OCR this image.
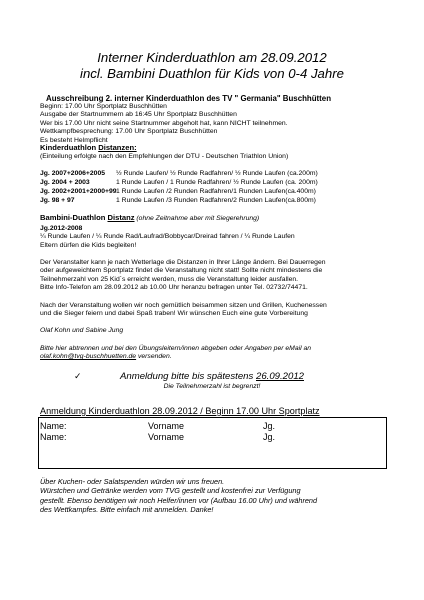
Interner Kinderduathlon am 28.09.2012
incl. Bambini Duathlon für Kids von 0-4 Jahre
Ausschreibung 2. interner Kinderduathlon des TV " Germania" Buschhütten
Beginn: 17.00 Uhr Sportplatz Buschhütten
Ausgabe der Startnummern ab 16:45 Uhr Sportplatz Buschhütten
Wer bis 17.00 Uhr nicht seine Startnummer abgeholt hat, kann NICHT teilnehmen.
Wettkampfbesprechung: 17.00 Uhr Sportplatz Buschhütten
Es besteht Helmpflicht
Kinderduathlon Distanzen:
(Einteilung erfolgte nach den Empfehlungen der DTU - Deutschen Triathlon Union)
Jg. 2007+2006+2005 ½ Runde Laufen/ ½ Runde Radfahren/ ½ Runde Laufen (ca.200m)
Jg. 2004 + 2003	1 Runde Laufen / 1 Runde Radfahren/ ½ Runde Laufen (ca. 200m)
Jg. 2002+2001+2000+99 1 Runde Laufen /2 Runden Radfahren/1 Runden Laufen(ca.400m)
Jg. 98 + 97	1 Runde Laufen /3 Runden Radfahren/2 Runden Laufen(ca.800m)
Bambini-Duathlon Distanz (ohne Zeitnahme aber mit Siegerehrung)
Jg.2012-2008
¼ Runde Laufen / ¼ Runde Rad/Laufrad/Bobbycar/Dreirad fahren / ¼ Runde Laufen
Eltern dürfen die Kids begleiten!
Der Veranstalter kann je nach Wetterlage die Distanzen in Ihrer Länge ändern. Bei Dauerregen
oder aufgeweichtem Sportplatz findet die Veranstaltung nicht statt! Sollte nicht mindestens die
Teilnehmerzahl von 25 Kid´s erreicht werden, muss die Veranstaltung leider ausfallen.
Bitte Info-Telefon am 28.09.2012 ab 10.00 Uhr heranzu befragen unter Tel. 02732/74471.
Nach der Veranstaltung wollen wir noch gemütlich beisammen sitzen und Grillen, Kuchenessen
und die Sieger feiern und dabei Spaß traben! Wir wünschen Euch eine gute Vorbereitung
Olaf Kohn und Sabine Jung
Bitte hier abtrennen und bei den Übungsleitern/innen abgeben oder Angaben per eMail an
olaf.kohn@tvg-buschhuetten.de versenden.
✓	Anmeldung bitte bis spätestens 26.09.2012
Die Teilnehmerzahl ist begrenzt!
Anmeldung Kinderduathlon 28.09.2012 / Beginn 17.00 Uhr Sportplatz
Name:	Vorname	Jg.
Name:	Vorname	Jg.
Über Kuchen- oder Salatspenden würden wir uns freuen.
Würstchen und Getränke werden vom TVG gestellt und kostenfrei zur Verfügung
gestellt. Ebenso benötigen wir noch Helfer/innen vor (Aufbau 16.00 Uhr) und während
des Wettkampfes. Bitte einfach mit anmelden. Danke!
